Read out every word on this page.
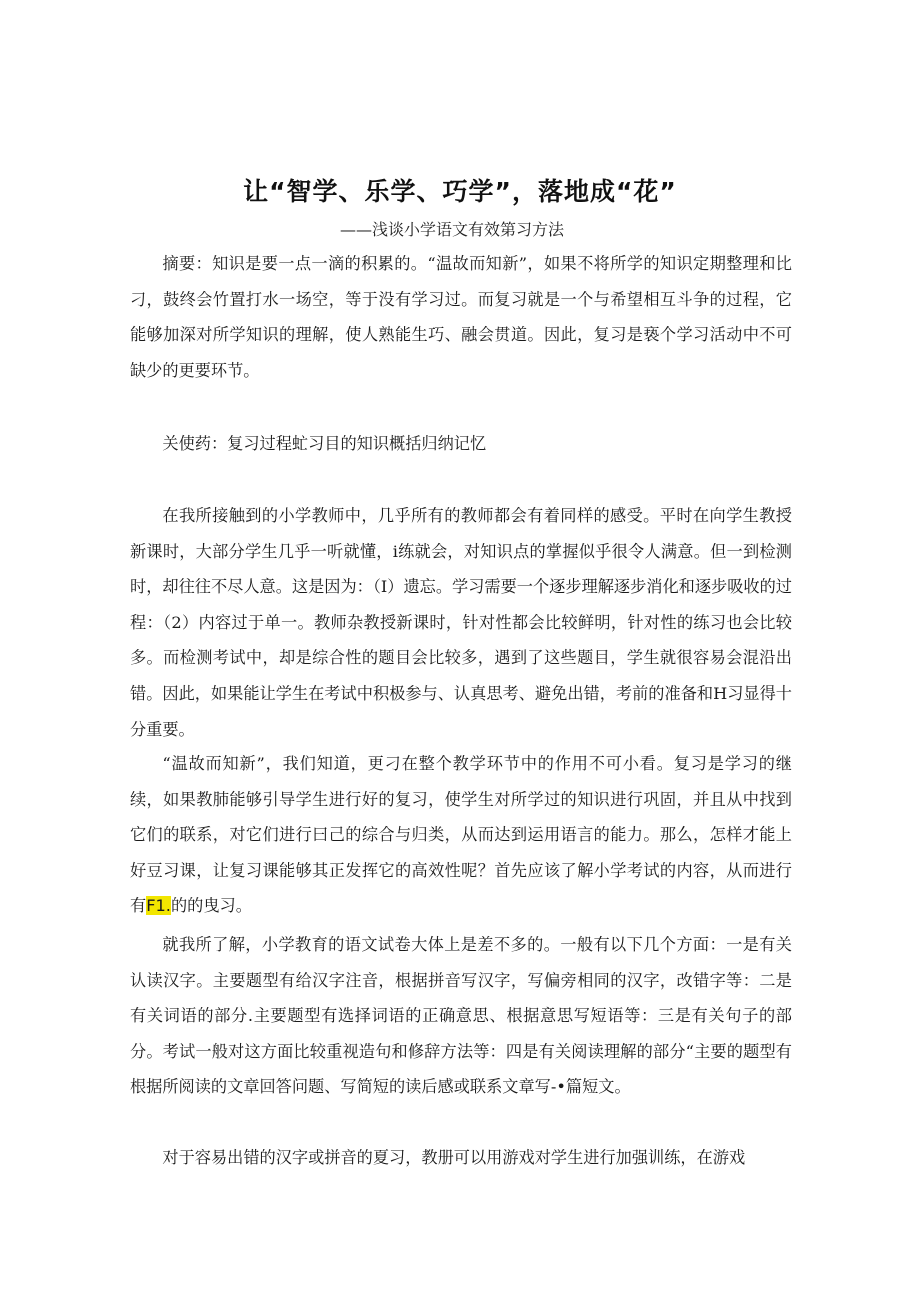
让“智学、乐学、巧学”，落地成“花”
——浅谈小学语文有效第习方法

摘要：知识是要一点一滴的积累的。“温故而知新”，如果不将所学的知识定期整理和比刁，鼓终会竹置打水一场空，等于没有学习过。而复习就是一个与希望相互斗争的过程，它能够加深对所学知识的理解，使人熟能生巧、融会贯道。因此，复习是亵个学习活动中不可缺少的更要环节。

关使药：复习过程虻习目的知识概括归纳记忆

在我所接触到的小学教师中，几乎所有的教师都会有着同样的感受。平时在向学生教授新课时，大部分学生几乎一听就懂，i练就会，对知识点的掌握似乎很令人满意。但一到检测时，却往往不尽人意。这是因为：（I）遗忘。学习需要一个逐步理解逐步消化和逐步吸收的过程：（2）内容过于单一。教师杂教授新课时，针对性都会比较鲜明，针对性的练习也会比较多。而检测考试中，却是综合性的题目会比较多，遇到了这些题目，学生就很容易会混沿出错。因此，如果能让学生在考试中积极参与、认真思考、避免出错，考前的准备和H习显得十分重要。

“温故而知新”，我们知道，更刁在整个教学环节中的作用不可小看。复习是学习的继续，如果教肺能够引导学生进行好的复习，使学生对所学过的知识进行巩固，并且从中找到它们的联系，对它们进行曰己的综合与归类，从而达到运用语言的能力。那么，怎样才能上好豆习课，让复习课能够其正发挥它的高效性呢？首先应该了解小学考试的内容，从而进行有F1.的的曳习。

就我所了解，小学教育的语文试卷大体上是差不多的。一般有以下几个方面：一是有关认读汉字。主要题型有给汉字注音，根据拼音写汉字，写偏旁相同的汉字，改错字等：二是有关词语的部分.主要题型有选择词语的正确意思、根据意思写短语等：三是有关句子的部分。考试一般对这方面比较重视造句和修辞方法等：四是有关阅读理解的部分“主要的题型有根据所阅读的文章回答问题、写简短的读后感或联系文章写-•篇短文。

对于容易出错的汉字或拼音的夏习，教册可以用游戏对学生进行加强训练，在游戏
